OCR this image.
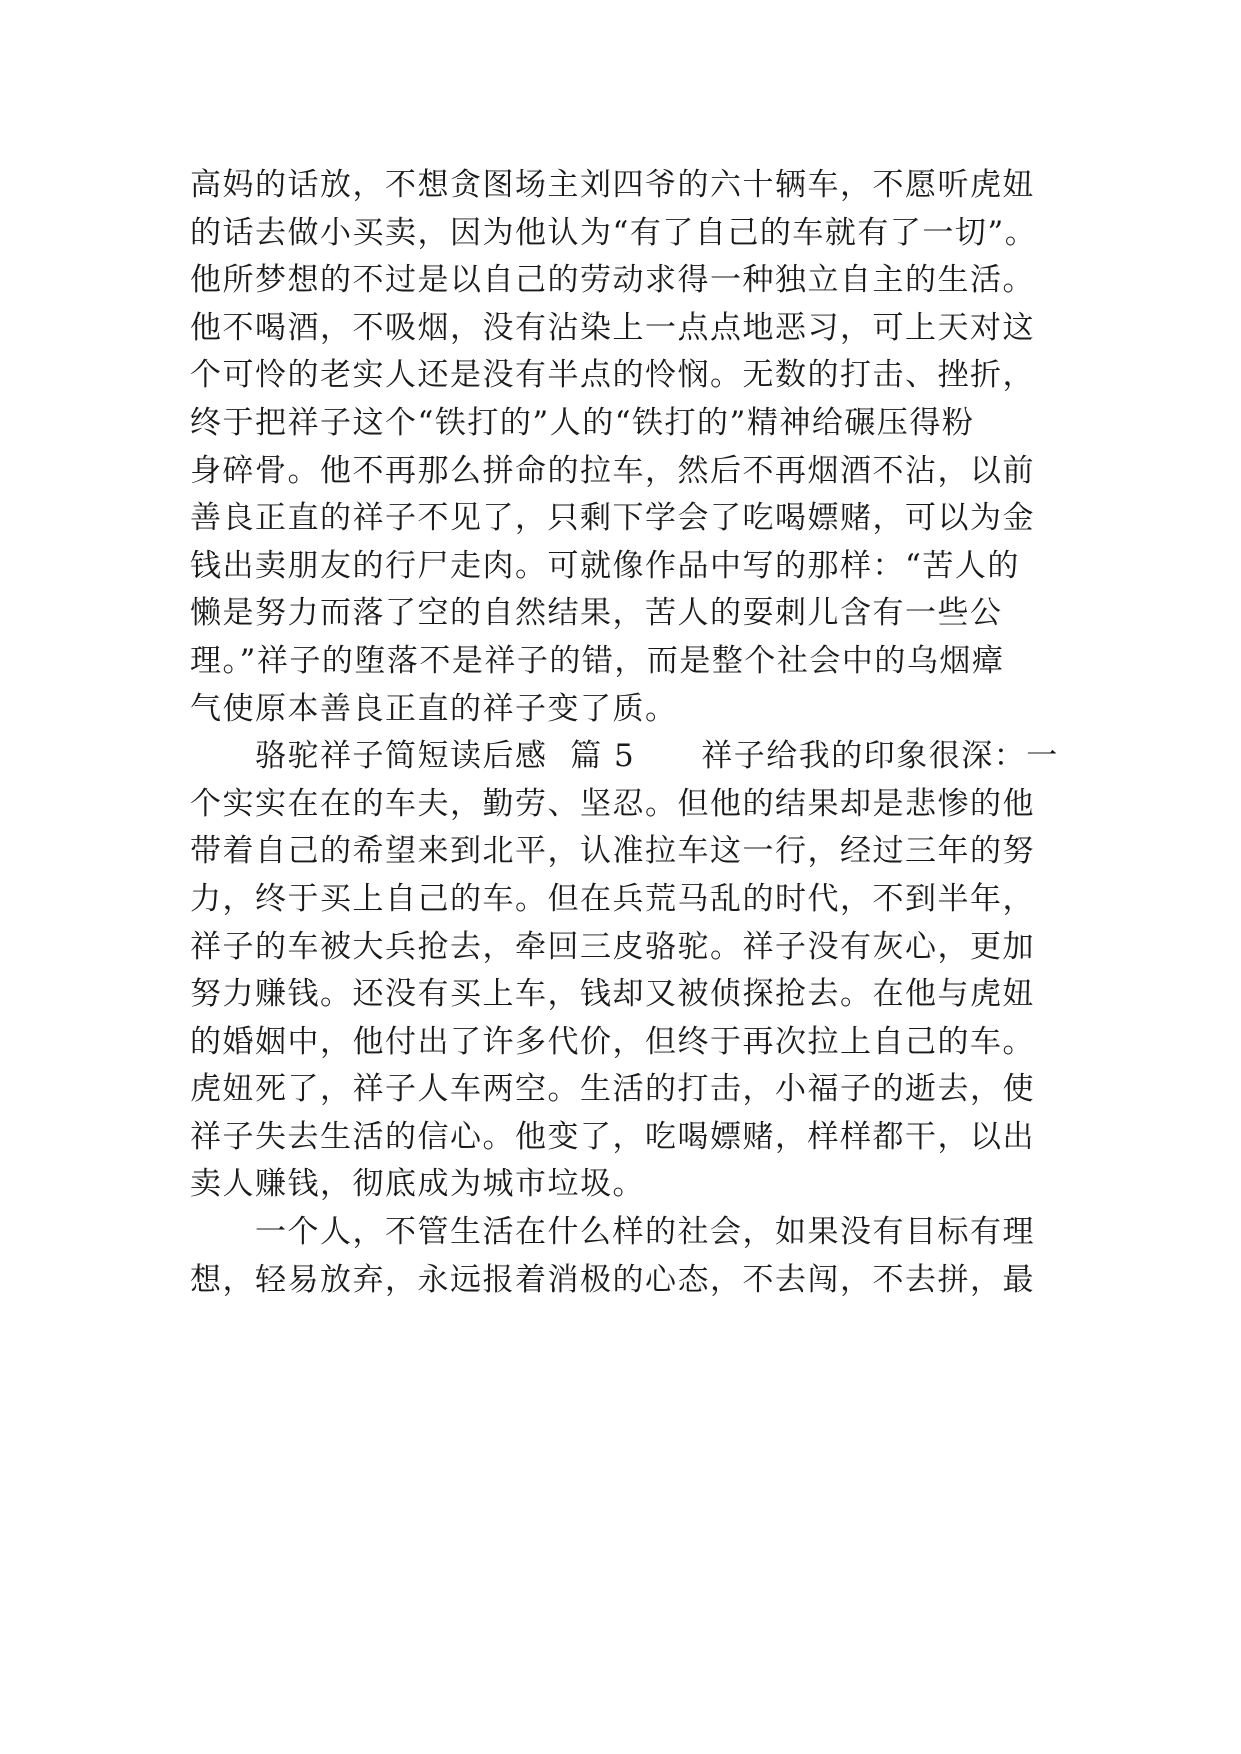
高妈的话放，不想贪图场主刘四爷的六十辆车，不愿听虎妞
的话去做小买卖，因为他认为“有了自己的车就有了一切”。
他所梦想的不过是以自己的劳动求得一种独立自主的生活。
他不喝酒，不吸烟，没有沾染上一点点地恶习，可上天对这
个可怜的老实人还是没有半点的怜悯。无数的打击、挫折，
终于把祥子这个“铁打的”人的“铁打的”精神给碾压得粉
身碎骨。他不再那么拼命的拉车，然后不再烟酒不沾，以前
善良正直的祥子不见了，只剩下学会了吃喝嫖赌，可以为金
钱出卖朋友的行尸走肉。可就像作品中写的那样：“苦人的
懒是努力而落了空的自然结果，苦人的耍刺儿含有一些公
理。”祥子的堕落不是祥子的错，而是整个社会中的乌烟瘴
气使原本善良正直的祥子变了质。
　　骆驼祥子简短读后感  篇 5 祥子给我的印象很深：一
个实实在在的车夫，勤劳、坚忍。但他的结果却是悲惨的他
带着自己的希望来到北平，认准拉车这一行，经过三年的努
力，终于买上自己的车。但在兵荒马乱的时代，不到半年，
祥子的车被大兵抢去，牵回三皮骆驼。祥子没有灰心，更加
努力赚钱。还没有买上车，钱却又被侦探抢去。在他与虎妞
的婚姻中，他付出了许多代价，但终于再次拉上自己的车。
虎妞死了，祥子人车两空。生活的打击，小福子的逝去，使
祥子失去生活的信心。他变了，吃喝嫖赌，样样都干，以出
卖人赚钱，彻底成为城市垃圾。
　　一个人，不管生活在什么样的社会，如果没有目标有理
想，轻易放弃，永远报着消极的心态，不去闯，不去拼，最
